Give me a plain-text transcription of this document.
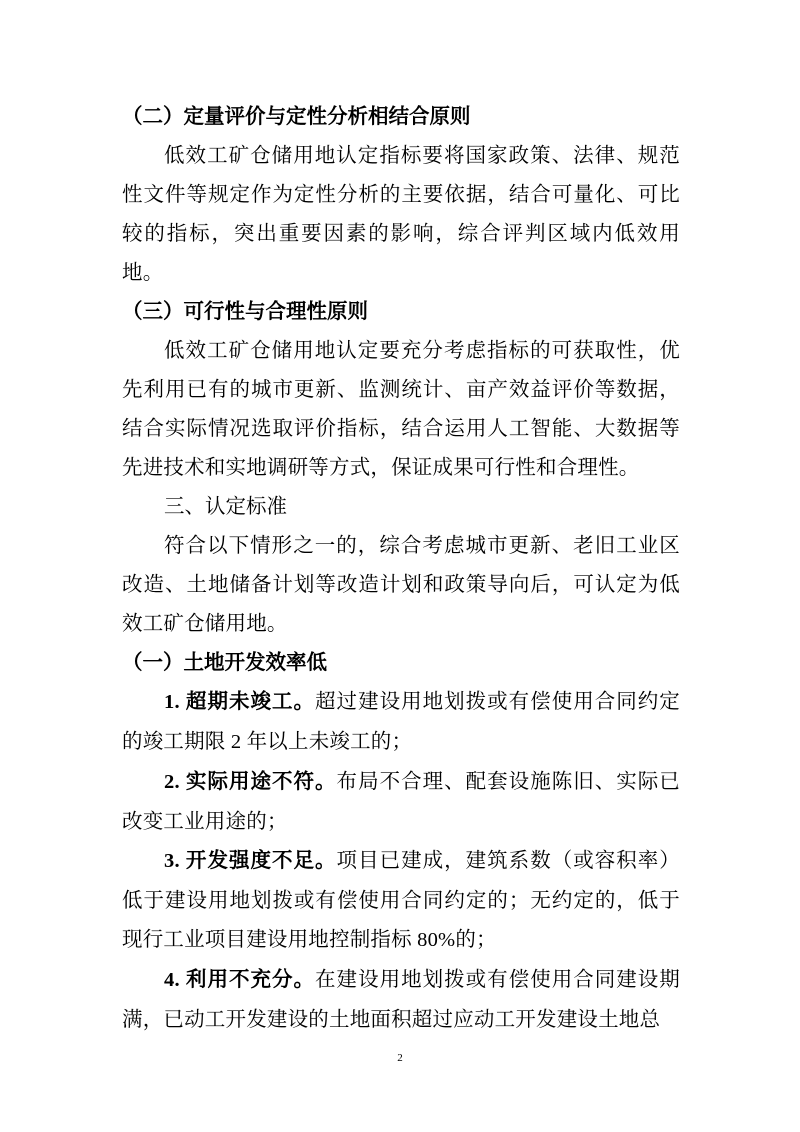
（二）定量评价与定性分析相结合原则

低效工矿仓储用地认定指标要将国家政策、法律、规范性文件等规定作为定性分析的主要依据，结合可量化、可比较的指标，突出重要因素的影响，综合评判区域内低效用地。

（三）可行性与合理性原则

低效工矿仓储用地认定要充分考虑指标的可获取性，优先利用已有的城市更新、监测统计、亩产效益评价等数据，结合实际情况选取评价指标，结合运用人工智能、大数据等先进技术和实地调研等方式，保证成果可行性和合理性。

三、认定标准

符合以下情形之一的，综合考虑城市更新、老旧工业区改造、土地储备计划等改造计划和政策导向后，可认定为低效工矿仓储用地。

（一）土地开发效率低

1. 超期未竣工。超过建设用地划拨或有偿使用合同约定的竣工期限 2 年以上未竣工的；

2. 实际用途不符。布局不合理、配套设施陈旧、实际已改变工业用途的；

3. 开发强度不足。项目已建成，建筑系数（或容积率）低于建设用地划拨或有偿使用合同约定的；无约定的，低于现行工业项目建设用地控制指标 80%的；

4. 利用不充分。在建设用地划拨或有偿使用合同建设期满，已动工开发建设的土地面积超过应动工开发建设土地总

2
